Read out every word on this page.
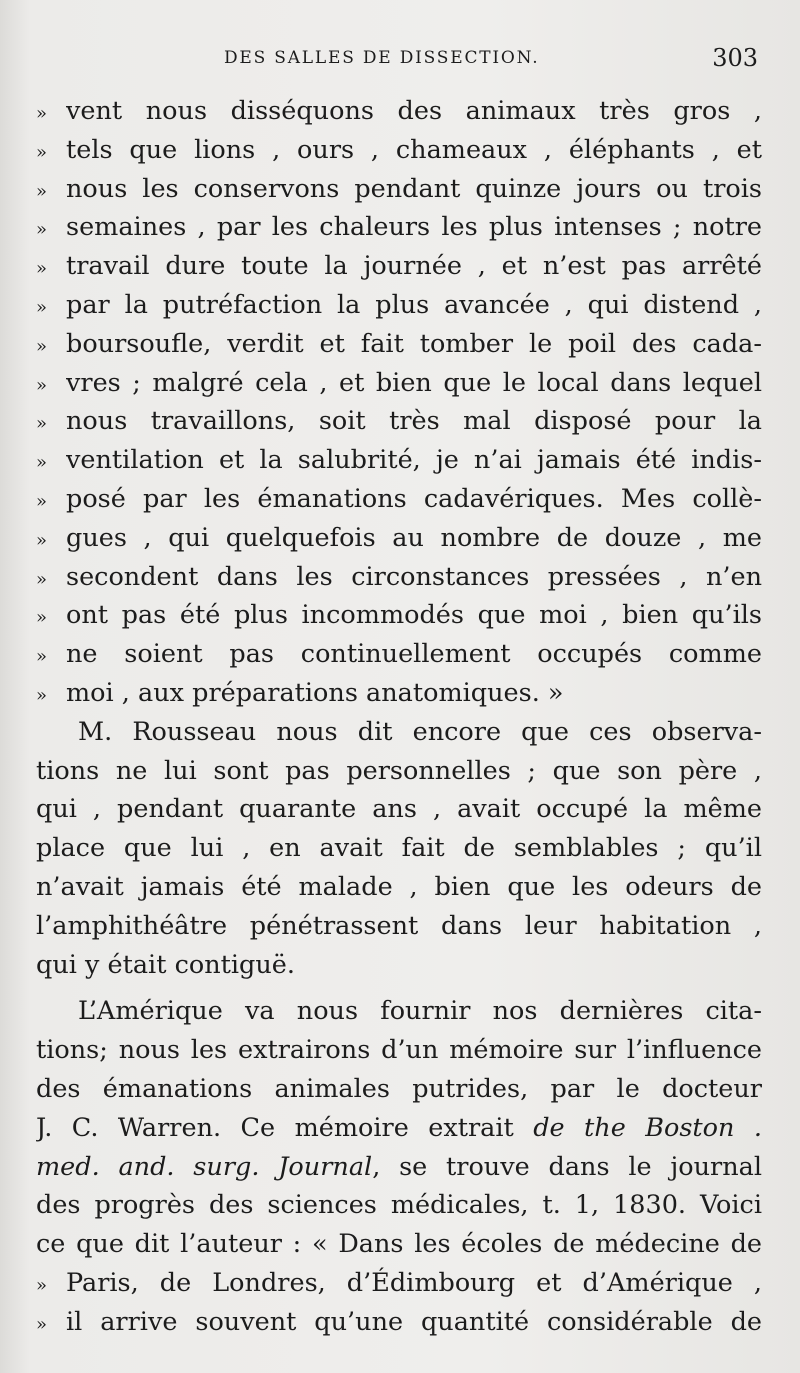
DES SALLES DE DISSECTION.	303
» vent nous disséquons des animaux très gros ,
» tels que lions , ours , chameaux , éléphants , et
» nous les conservons pendant quinze jours ou trois
» semaines , par les chaleurs les plus intenses ; notre
» travail dure toute la journée , et n’est pas arrêté
» par la putréfaction la plus avancée , qui distend ,
» boursoufle, verdit et fait tomber le poil des cada-
» vres ; malgré cela , et bien que le local dans lequel
» nous travaillons, soit très mal disposé pour la
» ventilation et la salubrité, je n’ai jamais été indis-
» posé par les émanations cadavériques. Mes collè-
» gues , qui quelquefois au nombre de douze , me
» secondent dans les circonstances pressées , n’en
» ont pas été plus incommodés que moi , bien qu’ils
» ne soient pas continuellement occupés comme
» moi , aux préparations anatomiques. »
M. Rousseau nous dit encore que ces observa-
tions ne lui sont pas personnelles ; que son père ,
qui , pendant quarante ans , avait occupé la même
place que lui , en avait fait de semblables ; qu’il
n’avait jamais été malade , bien que les odeurs de
l’amphithéâtre pénétrassent dans leur habitation ,
qui y était contiguë.
L’Amérique va nous fournir nos dernières cita-
tions; nous les extrairons d’un mémoire sur l’influence
des émanations animales putrides, par le docteur
J. C. Warren. Ce mémoire extrait de the Boston .
med. and. surg. Journal, se trouve dans le journal
des progrès des sciences médicales, t. 1, 1830. Voici
ce que dit l’auteur : « Dans les écoles de médecine de
» Paris, de Londres, d’Édimbourg et d’Amérique ,
» il arrive souvent qu’une quantité considérable de
